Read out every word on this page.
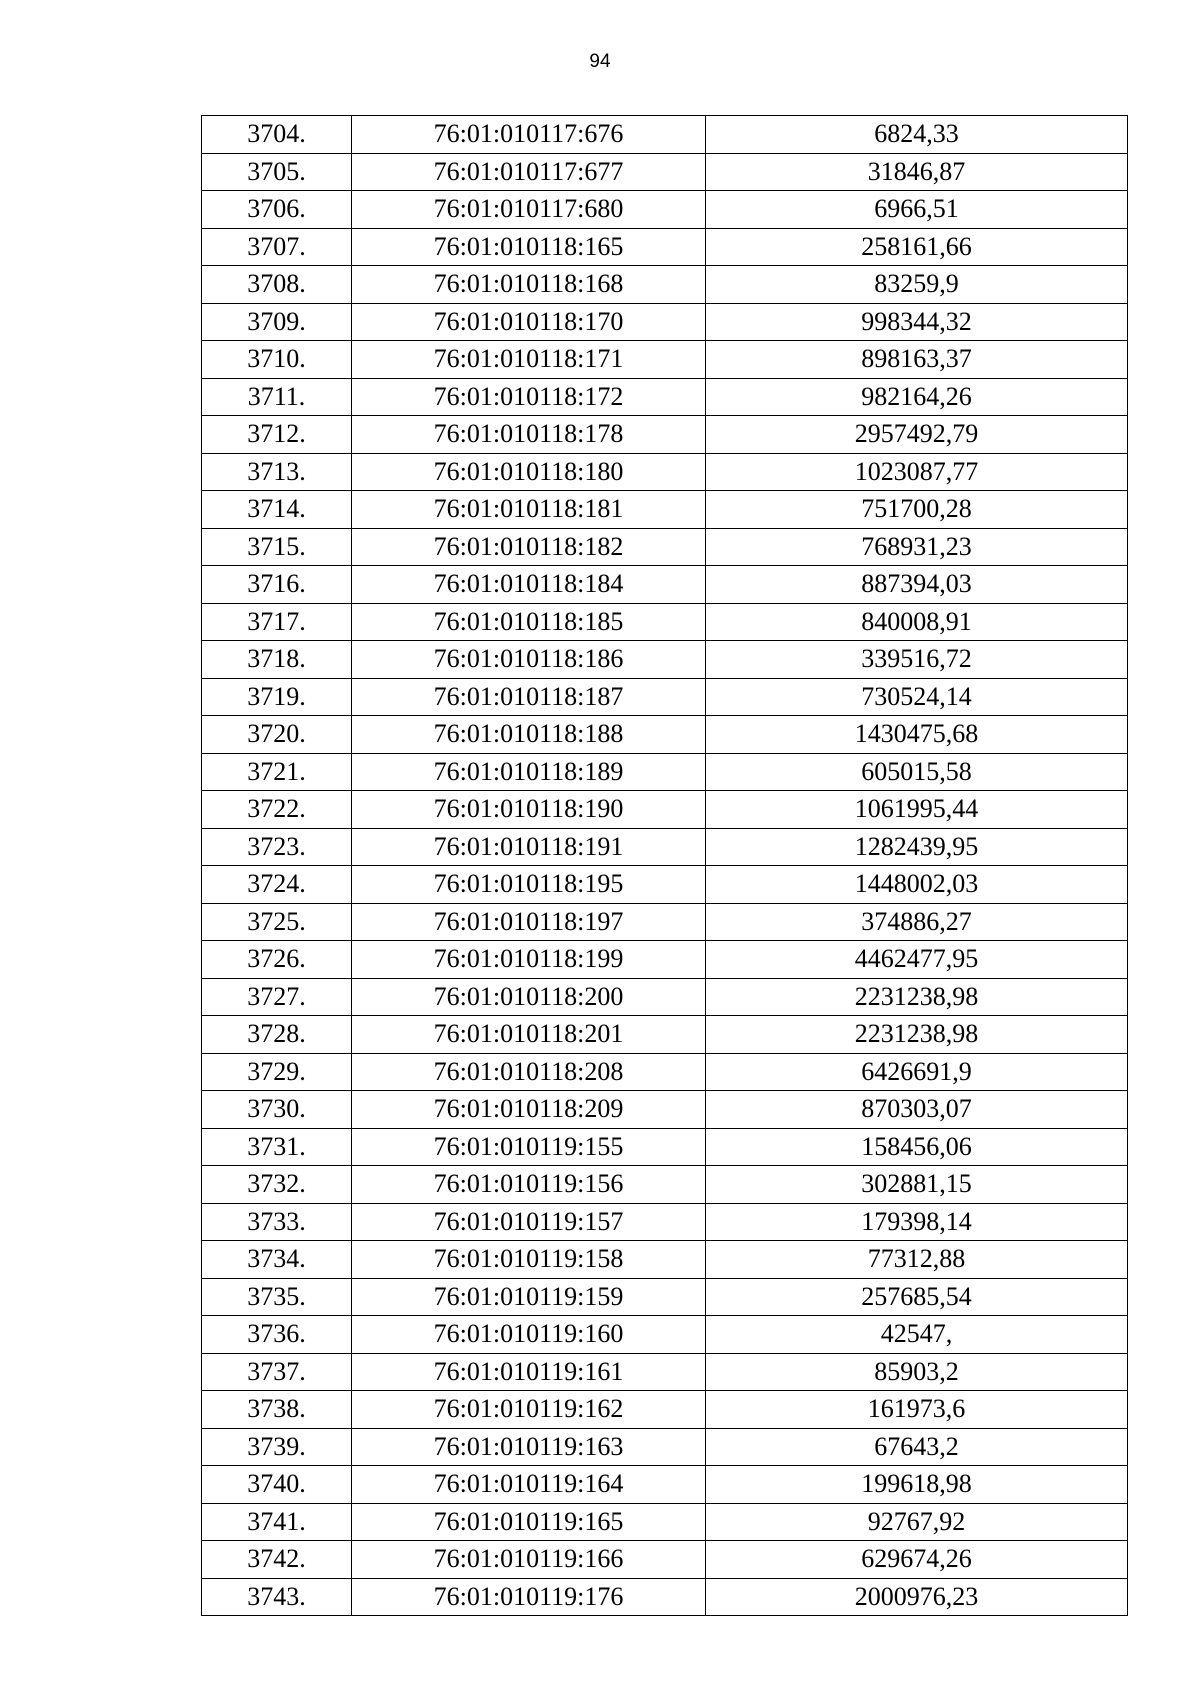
94
3704.	76:01:010117:676	6824,33
3705.	76:01:010117:677	31846,87
3706.	76:01:010117:680	6966,51
3707.	76:01:010118:165	258161,66
3708.	76:01:010118:168	83259,9
3709.	76:01:010118:170	998344,32
3710.	76:01:010118:171	898163,37
3711.	76:01:010118:172	982164,26
3712.	76:01:010118:178	2957492,79
3713.	76:01:010118:180	1023087,77
3714.	76:01:010118:181	751700,28
3715.	76:01:010118:182	768931,23
3716.	76:01:010118:184	887394,03
3717.	76:01:010118:185	840008,91
3718.	76:01:010118:186	339516,72
3719.	76:01:010118:187	730524,14
3720.	76:01:010118:188	1430475,68
3721.	76:01:010118:189	605015,58
3722.	76:01:010118:190	1061995,44
3723.	76:01:010118:191	1282439,95
3724.	76:01:010118:195	1448002,03
3725.	76:01:010118:197	374886,27
3726.	76:01:010118:199	4462477,95
3727.	76:01:010118:200	2231238,98
3728.	76:01:010118:201	2231238,98
3729.	76:01:010118:208	6426691,9
3730.	76:01:010118:209	870303,07
3731.	76:01:010119:155	158456,06
3732.	76:01:010119:156	302881,15
3733.	76:01:010119:157	179398,14
3734.	76:01:010119:158	77312,88
3735.	76:01:010119:159	257685,54
3736.	76:01:010119:160	42547,
3737.	76:01:010119:161	85903,2
3738.	76:01:010119:162	161973,6
3739.	76:01:010119:163	67643,2
3740.	76:01:010119:164	199618,98
3741.	76:01:010119:165	92767,92
3742.	76:01:010119:166	629674,26
3743.	76:01:010119:176	2000976,23
